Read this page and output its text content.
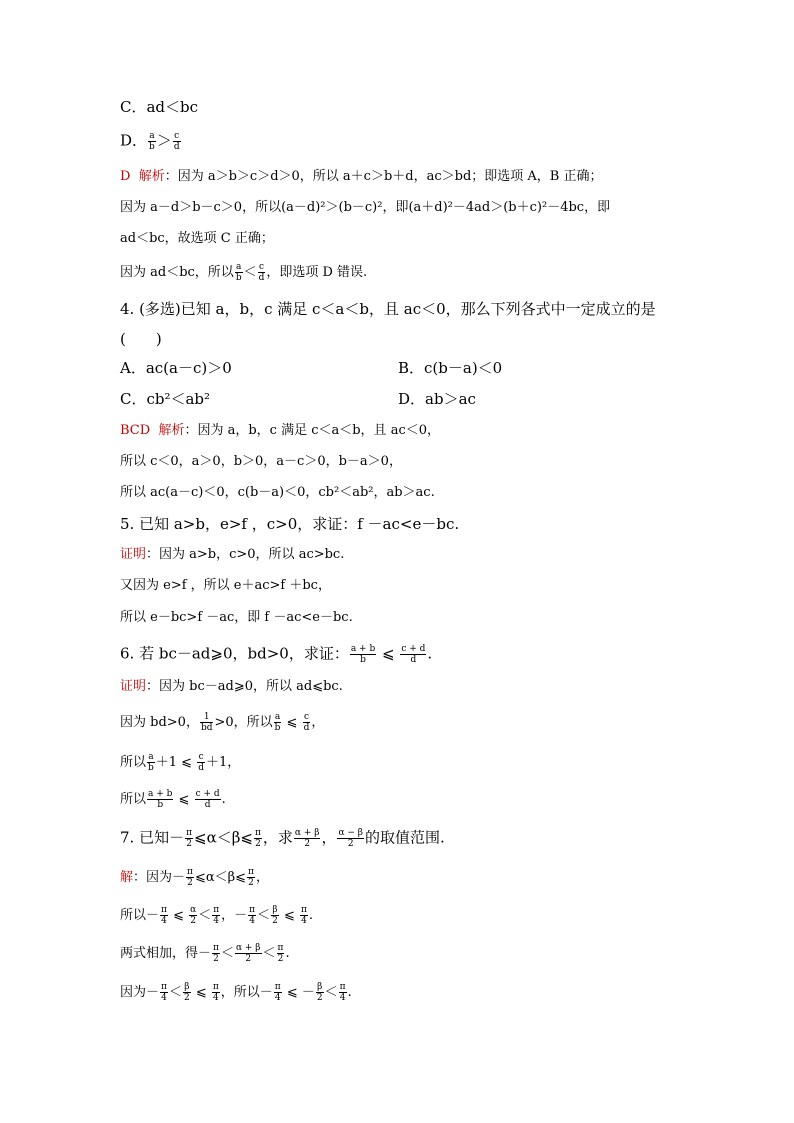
C．ad＜bc
D． $\frac{a}{b} > \frac{c}{d}$
D 解析：因为 a＞b＞c＞d＞0，所以 a＋c＞b＋d，ac＞bd；即选项 A，B 正确；
因为 a－d＞b－c＞0，所以(a－d)²＞(b－c)²，即(a＋d)²－4ad＞(b＋c)²－4bc，即
ad＜bc，故选项 C 正确；
因为 ad＜bc，所以 $\frac{a}{b} < \frac{c}{d}$ ，即选项 D 错误.
4. (多选)已知 a，b，c 满足 c＜a＜b，且 ac＜0，那么下列各式中一定成立的是
(　　)
A．ac(a－c)＞0	B．c(b－a)＜0
C．cb²＜ab²	D．ab＞ac
BCD 解析：因为 a，b，c 满足 c＜a＜b，且 ac＜0，
所以 c＜0，a＞0，b＞0，a－c＞0，b－a＞0，
所以 ac(a－c)＜0，c(b－a)＜0，cb²＜ab²，ab＞ac.
5. 已知 a>b，e>f ，c>0，求证：f －ac<e－bc.
证明：因为 a>b，c>0，所以 ac>bc.
又因为 e>f ，所以 e＋ac>f ＋bc，
所以 e－bc>f －ac，即 f －ac<e－bc.
6. 若 bc－ad⩾0，bd>0，求证： $\frac{a + b}{b}$ ⩽ $\frac{c + d}{d}$ .
证明：因为 bc－ad⩾0，所以 ad⩽bc.
因为 bd>0， $\frac{1}{bd} >0$，所以 $\frac{a}{b}$ ⩽ $\frac{c}{d}$ ，
所以 $\frac{a}{b} +1$ ⩽ $\frac{c}{d} +1$，
所以 $\frac{a + b}{b}$ ⩽ $\frac{c + d}{d}$ .
7. 已知－ $\frac{\pi}{2}$ ⩽α＜β⩽ $\frac{\pi}{2}$ ，求 $\frac{\alpha + \beta}{2}$ ， $\frac{\alpha - \beta}{2}$ 的取值范围.
解：因为－ $\frac{\pi}{2}$ ⩽α＜β⩽ $\frac{\pi}{2}$ ，
所以－ $\frac{\pi}{4}$ ⩽ $\frac{\alpha}{2} < \frac{\pi}{4}$ ，－ $\frac{\pi}{4} < \frac{\beta}{2}$ ⩽ $\frac{\pi}{4}$ .
两式相加，得－ $\frac{\pi}{2} < \frac{\alpha + \beta}{2} < \frac{\pi}{2}$ .
因为－ $\frac{\pi}{4} < \frac{\beta}{2}$ ⩽ $\frac{\pi}{4}$ ，所以－ $\frac{\pi}{4}$ ⩽ － $\frac{\beta}{2} < \frac{\pi}{4}$ .
